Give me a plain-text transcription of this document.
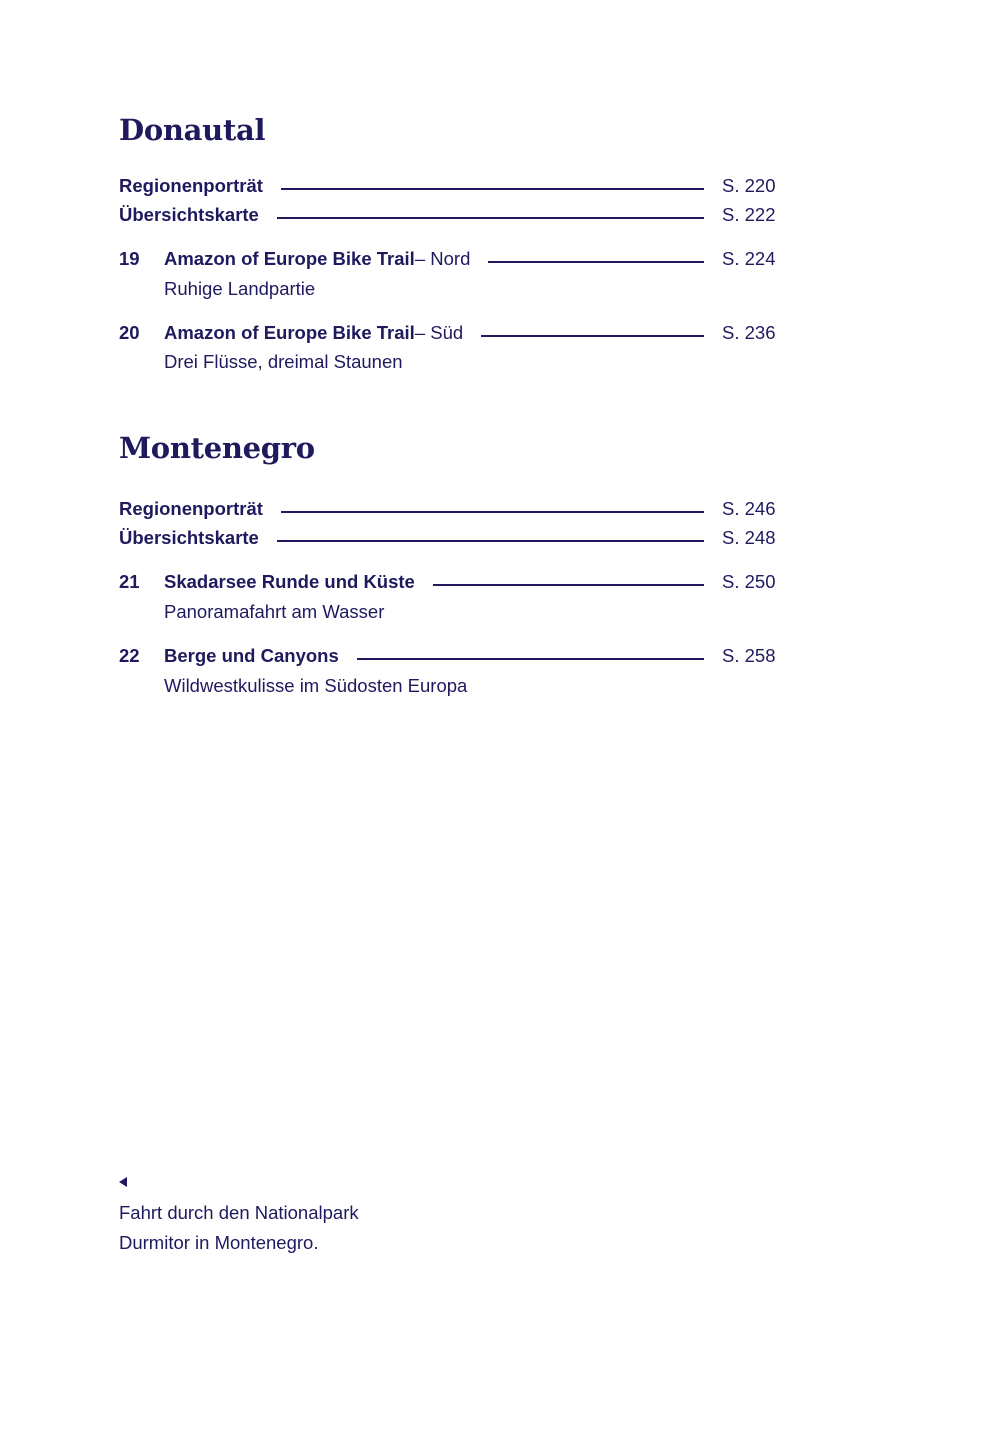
Donautal
Regionenporträt	S. 220
Übersichtskarte	S. 222
19	Amazon of Europe Bike Trail – Nord	S. 224
Ruhige Landpartie
20	Amazon of Europe Bike Trail – Süd	S. 236
Drei Flüsse, dreimal Staunen
Montenegro
Regionenporträt	S. 246
Übersichtskarte	S. 248
21	Skadarsee Runde und Küste	S. 250
Panoramafahrt am Wasser
22	Berge und Canyons	S. 258
Wildwestkulisse im Südosten Europa
Fahrt durch den Nationalpark
Durmitor in Montenegro.
